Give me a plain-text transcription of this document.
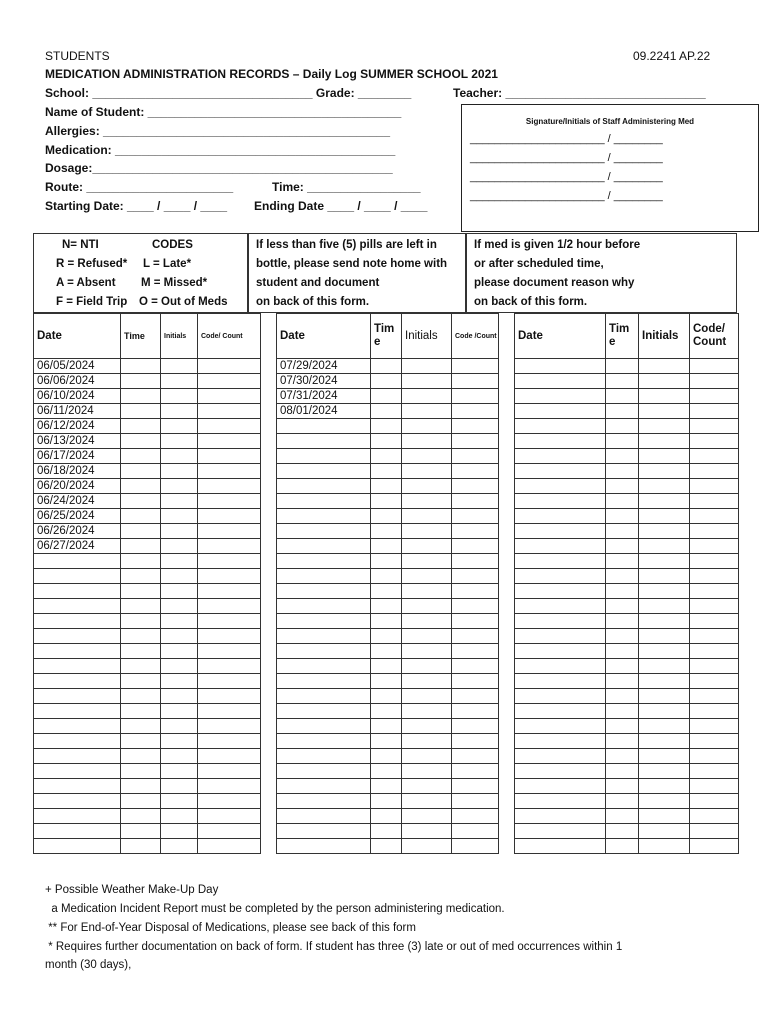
STUDENTS	09.2241 AP.22
MEDICATION ADMINISTRATION RECORDS – Daily Log SUMMER SCHOOL 2021
School: _________________________________ Grade: ________	Teacher: ______________________________
Name of Student: ______________________________________
Allergies: ___________________________________________
Medication: __________________________________________
Dosage:_____________________________________________
Route: ______________________	Time: _________________
Starting Date: ____ / ____ / ____ Ending Date ____ / ____ / ____
Signature/Initials of Staff Administering Med
______________________ / ________
______________________ / ________
______________________ / ________
______________________ / ________
N= NTI	CODES
R = Refused* L = Late*
A = Absent M = Missed*
F = Field Trip O = Out of Meds
If less than five (5) pills are left in
bottle, please send note home with
student and document
on back of this form.
If med is given 1/2 hour before
or after scheduled time,
please document reason why
on back of this form.
Date	Time	Initials	Code/ Count
06/05/2024			
06/06/2024			
06/10/2024			
06/11/2024			
06/12/2024			
06/13/2024			
06/17/2024			
06/18/2024			
06/20/2024			
06/24/2024			
06/25/2024			
06/26/2024			
06/27/2024			

Date	Tim e	Initials	Code /Count
07/29/2024			
07/30/2024			
07/31/2024			
08/01/2024			

Date	Tim e	Initials	Code/ Count

+ Possible Weather Make-Up Day
a Medication Incident Report must be completed by the person administering medication.
** For End-of-Year Disposal of Medications, please see back of this form
* Requires further documentation on back of form. If student has three (3) late or out of med occurrences within 1
month (30 days),
